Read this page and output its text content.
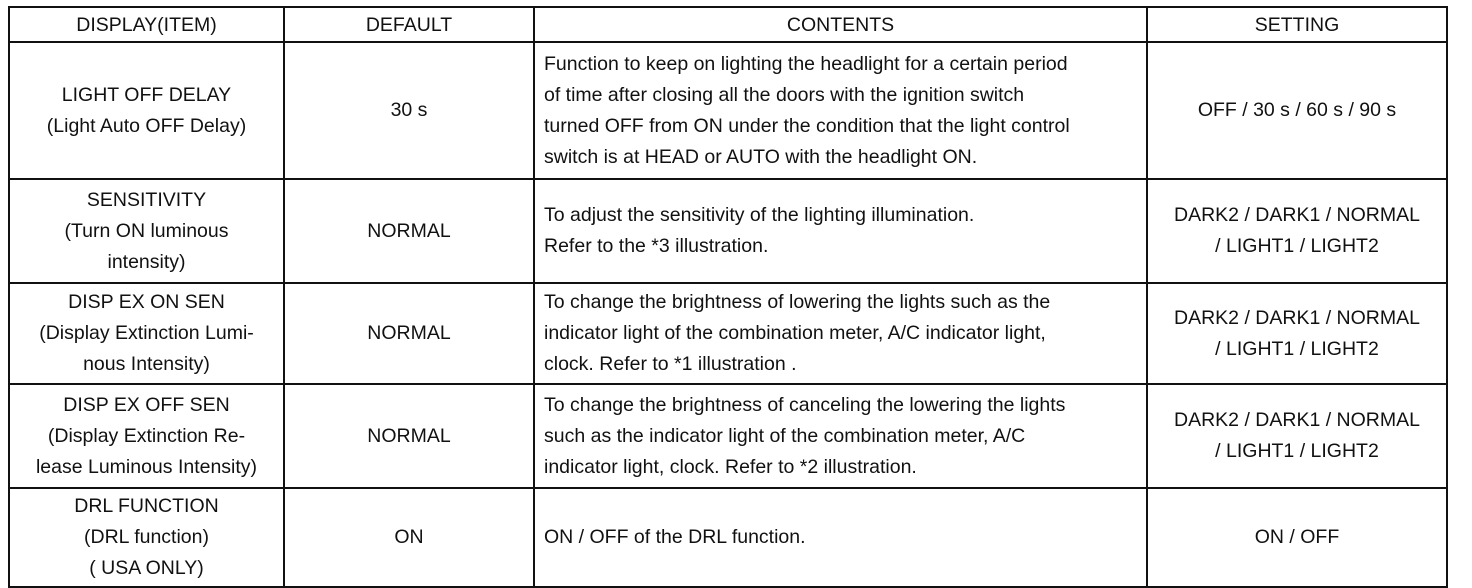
DISPLAY(ITEM)	DEFAULT	CONTENTS	SETTING

LIGHT OFF DELAY
(Light Auto OFF Delay)	30 s	Function to keep on lighting the headlight for a certain period
of time after closing all the doors with the ignition switch
turned OFF from ON under the condition that the light control
switch is at HEAD or AUTO with the headlight ON.	OFF / 30 s / 60 s / 90 s

SENSITIVITY
(Turn ON luminous
intensity)	NORMAL	To adjust the sensitivity of the lighting illumination.
Refer to the *3 illustration.	DARK2 / DARK1 / NORMAL
/ LIGHT1 / LIGHT2

DISP EX ON SEN
(Display Extinction Lumi-
nous Intensity)	NORMAL	To change the brightness of lowering the lights such as the
indicator light of the combination meter, A/C indicator light,
clock. Refer to *1 illustration .	DARK2 / DARK1 / NORMAL
/ LIGHT1 / LIGHT2

DISP EX OFF SEN
(Display Extinction Re-
lease Luminous Intensity)	NORMAL	To change the brightness of canceling the lowering the lights
such as the indicator light of the combination meter, A/C
indicator light, clock. Refer to *2 illustration.	DARK2 / DARK1 / NORMAL
/ LIGHT1 / LIGHT2

DRL FUNCTION
(DRL function)
( USA ONLY)	ON	ON / OFF of the DRL function.	ON / OFF
